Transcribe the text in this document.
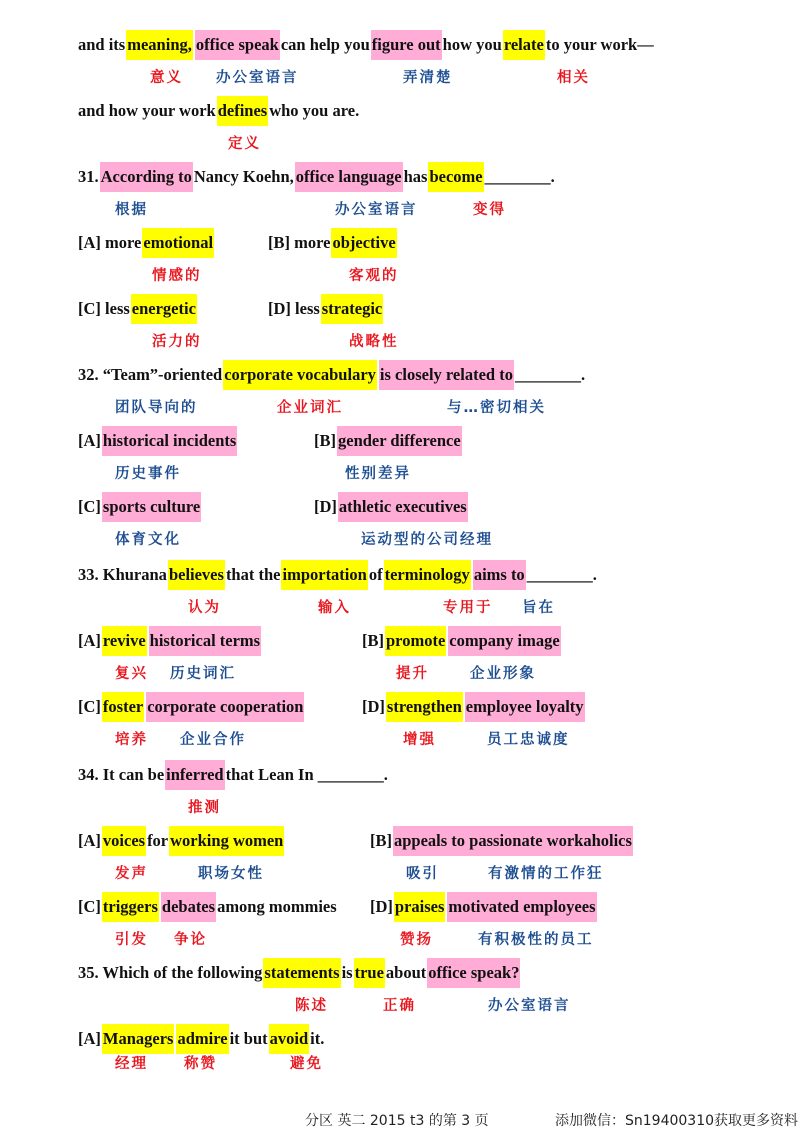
and itsmeaning, office speakcan help youfigure outhow yourelateto your work—
意义 办公室语言	弄清楚	相关
and how your workdefineswho you are.
定义
31.According toNancy Koehn,office languagehasbecome________.
根据	办公室语言	变得
[A] moreemotional	[B] moreobjective
情感的	客观的
[C] lessenergetic	[D] lessstrategic
活力的	战略性
32. “Team”-orientedcorporate vocabulary is closely related to________.
团队导向的	企业词汇	与…密切相关
[A]historical incidents	[B]gender difference
历史事件	性别差异
[C]sports culture	[D]athletic executives
体育文化	运动型的公司经理
33. Khuranabelievesthat theimportationofterminology aims to________.
认为	输入	专用于 旨在
[A]revive historical terms	[B]promote company image
复兴 历史词汇	提升	企业形象
[C]foster corporate cooperation	[D]strengthen employee loyalty
培养 企业合作	增强	员工忠诚度
34. It can beinferredthat Lean In ________.
推测
[A]voicesforworking women	[B]appeals to passionate workaholics
发声	职场女性	吸引	有激情的工作狂
[C]triggers debatesamong mommies [D]praises motivated employees
引发 争论	赞扬	有积极性的员工
35. Which of the followingstatementsistrueaboutoffice speak?
陈述	正确	办公室语言
[A]Managers admireit butavoidit.
经理 称赞	避免
分区 英二 2015 t3 的第 3 页	添加微信：Sn19400310获取更多资料
